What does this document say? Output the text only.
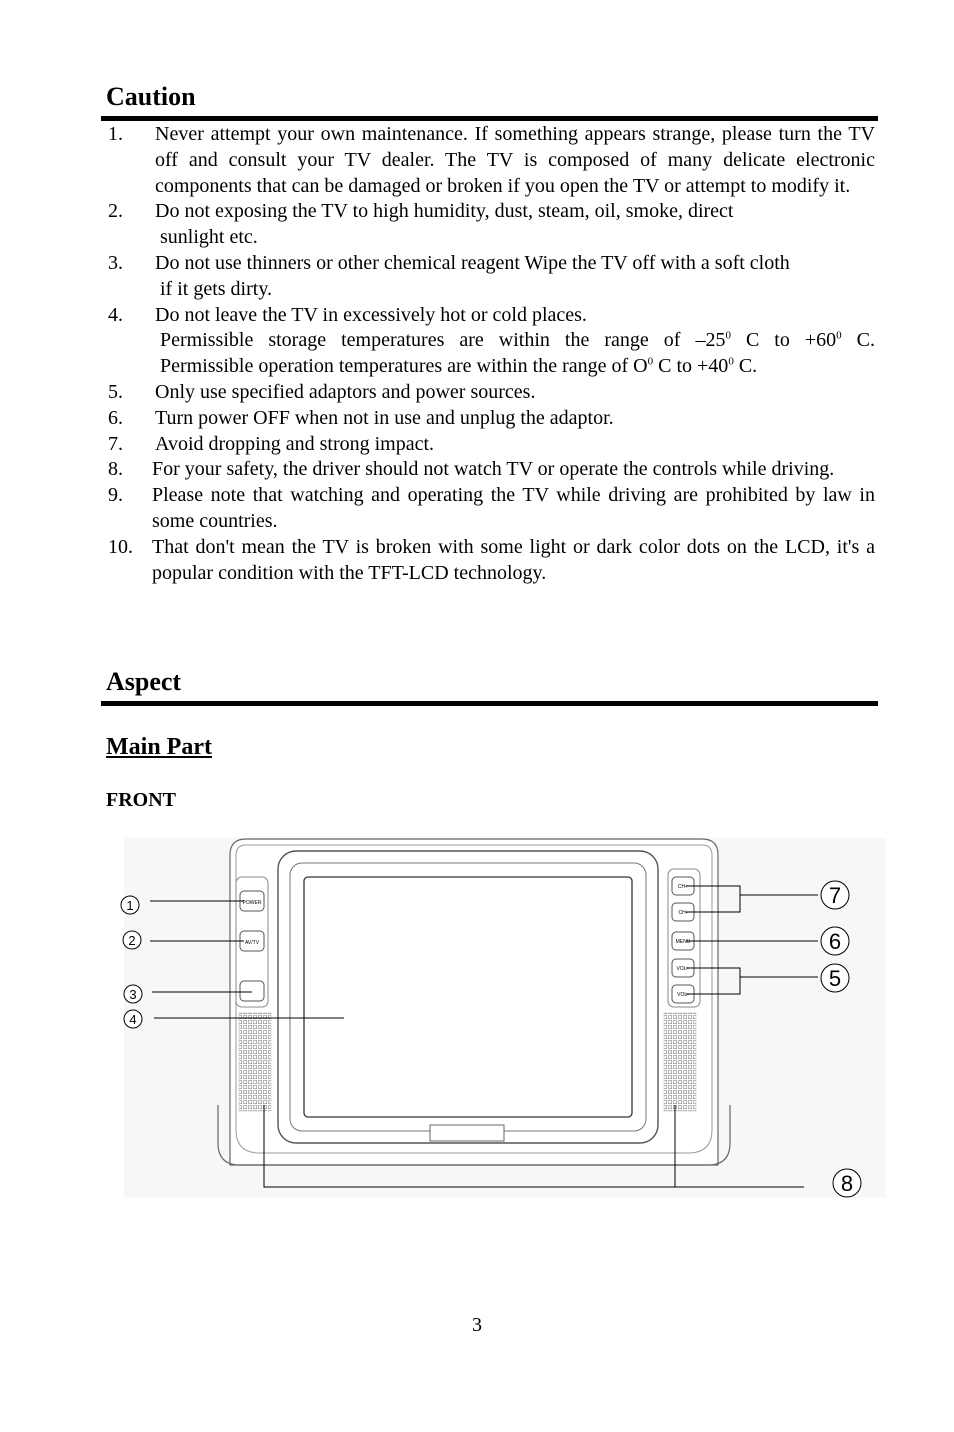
Caution
1. Never attempt your own maintenance. If something appears strange, please turn the TV off and consult your TV dealer. The TV is composed of many delicate electronic components that can be damaged or broken if you open the TV or attempt to modify it.
2. Do not exposing the TV to high humidity, dust, steam, oil, smoke, direct
sunlight etc.
3. Do not use thinners or other chemical reagent Wipe the TV off with a soft cloth
if it gets dirty.
4. Do not leave the TV in excessively hot or cold places.
Permissible storage temperatures are within the range of $-25^0$ C to $+60^0$ C.
Permissible operation temperatures are within the range of $O^0$ C to $+40^0$ C.
5. Only use specified adaptors and power sources.
6. Turn power OFF when not in use and unplug the adaptor.
7. Avoid dropping and strong impact.
8. For your safety, the driver should not watch TV or operate the controls while driving.
9. Please note that watching and operating the TV while driving are prohibited by law in some countries.
10. That don't mean the TV is broken with some light or dark color dots on the LCD, it's a popular condition with the TFT-LCD technology.
Aspect
Main Part
FRONT
POWER
AV/TV
CH+
CH-
MENU
VOL+
VOL-
1
2
3
4
7
6
5
8
3
